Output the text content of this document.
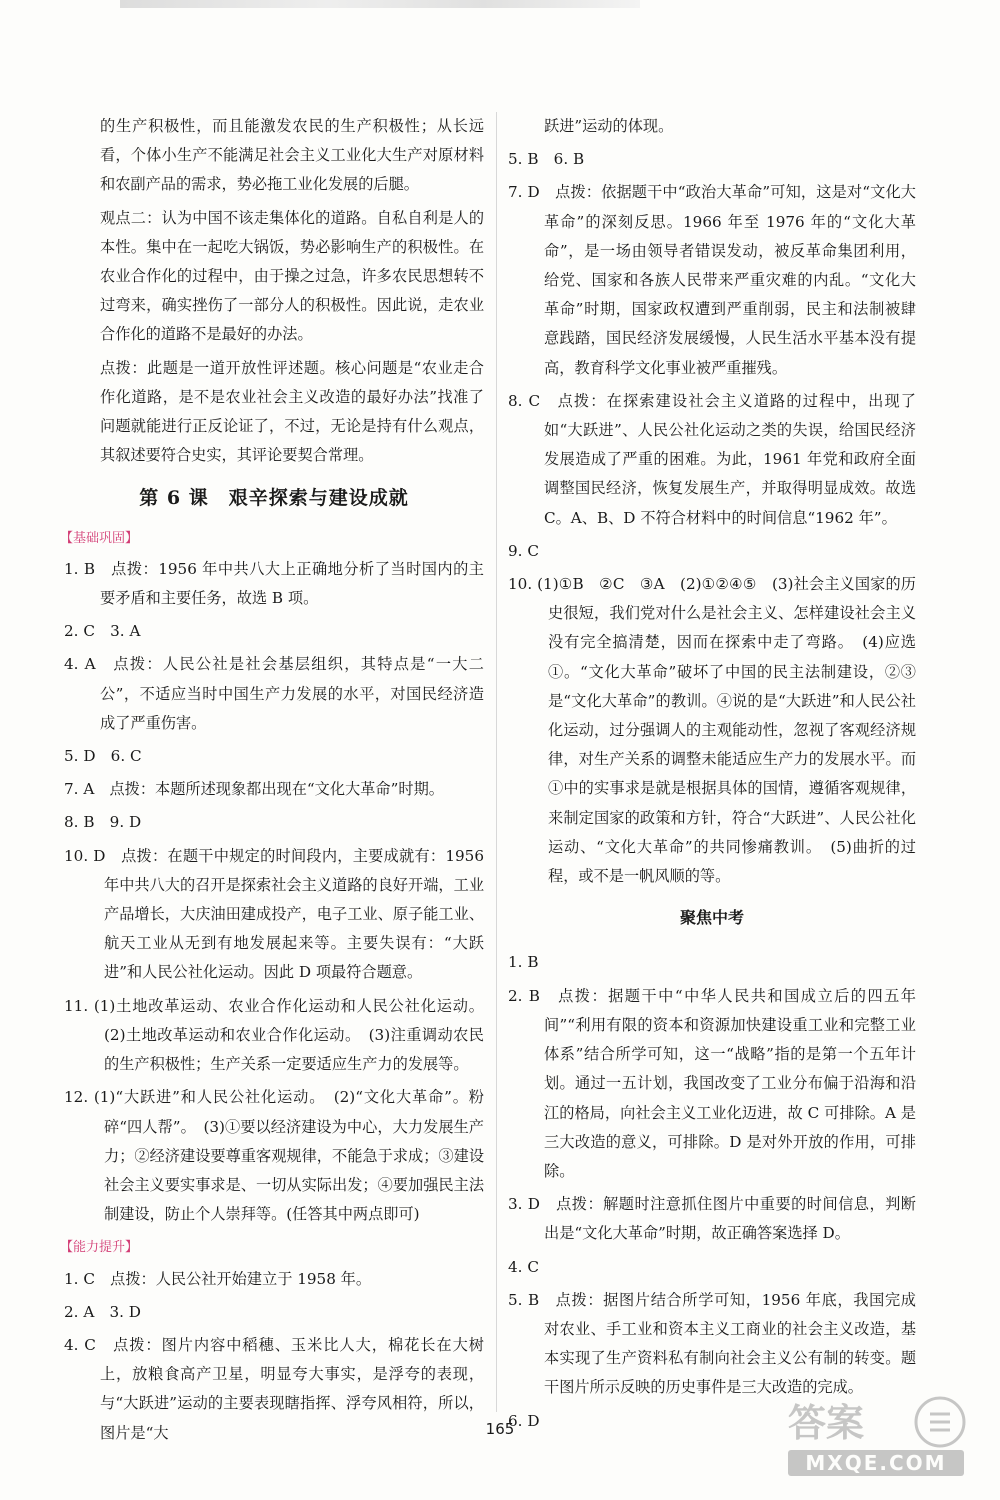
的生产积极性，而且能激发农民的生产积极性；从长远看，个体小生产不能满足社会主义工业化大生产对原材料和农副产品的需求，势必拖工业化发展的后腿。

观点二：认为中国不该走集体化的道路。自私自利是人的本性。集中在一起吃大锅饭，势必影响生产的积极性。在农业合作化的过程中，由于操之过急，许多农民思想转不过弯来，确实挫伤了一部分人的积极性。因此说，走农业合作化的道路不是最好的办法。

点拨：此题是一道开放性评述题。核心问题是“农业走合作化道路，是不是农业社会主义改造的最好办法”找准了问题就能进行正反论证了，不过，无论是持有什么观点，其叙述要符合史实，其评论要契合常理。

第 6 课　艰辛探索与建设成就
【基础巩固】

1. B　点拨：1956 年中共八大上正确地分析了当时国内的主要矛盾和主要任务，故选 B 项。

2. C　3. A

4. A　点拨：人民公社是社会基层组织，其特点是“一大二公”，不适应当时中国生产力发展的水平，对国民经济造成了严重伤害。

5. D　6. C

7. A　点拨：本题所述现象都出现在“文化大革命”时期。

8. B　9. D

10. D　点拨：在题干中规定的时间段内，主要成就有：1956 年中共八大的召开是探索社会主义道路的良好开端，工业产品增长，大庆油田建成投产，电子工业、原子能工业、航天工业从无到有地发展起来等。主要失误有：“大跃进”和人民公社化运动。因此 D 项最符合题意。

11. (1)土地改革运动、农业合作化运动和人民公社化运动。(2)土地改革运动和农业合作化运动。　(3)注重调动农民的生产积极性；生产关系一定要适应生产力的发展等。

12. (1)“大跃进”和人民公社化运动。　(2)“文化大革命”。粉碎“四人帮”。　(3)①要以经济建设为中心，大力发展生产力；②经济建设要尊重客观规律，不能急于求成；③建设社会主义要实事求是、一切从实际出发；④要加强民主法制建设，防止个人崇拜等。(任答其中两点即可)

【能力提升】

1. C　点拨：人民公社开始建立于 1958 年。

2. A　3. D

4. C　点拨：图片内容中稻穗、玉米比人大，棉花长在大树上，放粮食高产卫星，明显夸大事实，是浮夸的表现，与“大跃进”运动的主要表现瞎指挥、浮夸风相符，所以，图片是“大

跃进”运动的体现。

5. B　6. B

7. D　点拨：依据题干中“政治大革命”可知，这是对“文化大革命”的深刻反思。1966 年至 1976 年的“文化大革命”，是一场由领导者错误发动，被反革命集团利用，给党、国家和各族人民带来严重灾难的内乱。“文化大革命”时期，国家政权遭到严重削弱，民主和法制被肆意践踏，国民经济发展缓慢，人民生活水平基本没有提高，教育科学文化事业被严重摧残。

8. C　点拨：在探索建设社会主义道路的过程中，出现了如“大跃进”、人民公社化运动之类的失误，给国民经济发展造成了严重的困难。为此，1961 年党和政府全面调整国民经济，恢复发展生产，并取得明显成效。故选 C。A、B、D 不符合材料中的时间信息“1962 年”。

9. C

10. (1)①B　②C　③A　(2)①②④⑤　(3)社会主义国家的历史很短，我们党对什么是社会主义、怎样建设社会主义没有完全搞清楚，因而在探索中走了弯路。　(4)应选①。“文化大革命”破坏了中国的民主法制建设，②③是“文化大革命”的教训。④说的是“大跃进”和人民公社化运动，过分强调人的主观能动性，忽视了客观经济规律，对生产关系的调整未能适应生产力的发展水平。而①中的实事求是就是根据具体的国情，遵循客观规律，来制定国家的政策和方针，符合“大跃进”、人民公社化运动、“文化大革命”的共同惨痛教训。　(5)曲折的过程，或不是一帆风顺的等。

聚焦中考

1. B

2. B　点拨：据题干中“中华人民共和国成立后的四五年间”“利用有限的资本和资源加快建设重工业和完整工业体系”结合所学可知，这一“战略”指的是第一个五年计划。通过一五计划，我国改变了工业分布偏于沿海和沿江的格局，向社会主义工业化迈进，故 C 可排除。A 是三大改造的意义，可排除。D 是对外开放的作用，可排除。

3. D　点拨：解题时注意抓住图片中重要的时间信息，判断出是“文化大革命”时期，故正确答案选择 D。

4. C

5. B　点拨：据图片结合所学可知，1956 年底，我国完成对农业、手工业和资本主义工商业的社会主义改造，基本实现了生产资料私有制向社会主义公有制的转变。题干图片所示反映的历史事件是三大改造的完成。

6. D

165	答案
MXQE.COM
